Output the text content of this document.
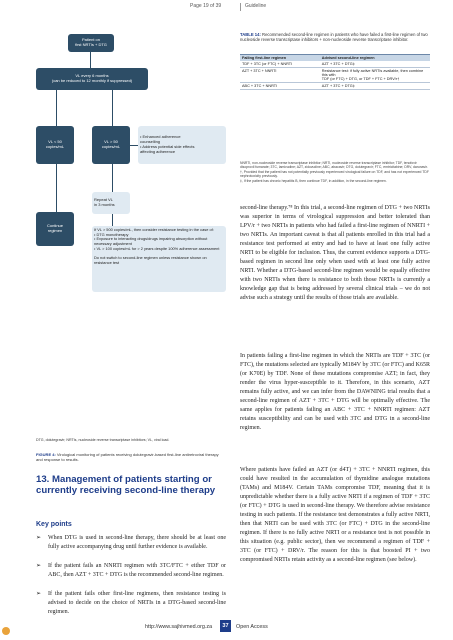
Page 19 of 39	Guideline
Patient on
first NRTIs + DTG
VL every 6 months
(can be reduced to 12 monthly if suppressed)
VL < 50
copies/mL
VL > 50
copies/mL
• Enhanced adherence
counselling
• Address potential side effects
affecting adherence
Repeat VL
in 3 months
Continue
regimen	If VL > 500 copies/mL, then consider resistance testing in the case of:
• DTG monotherapy
• Exposure to interacting drugs/drugs impairing absorption without necessary adjustment
• VL > 100 copies/mL for > 2 years despite 100% adherence assessment

Do not switch to second-line regimen unless resistance shown on resistance test
DTG, dolutegravir; NRTIs, nucleoside reverse transcriptase inhibitors; VL, viral load.
FIGURE 4: Virological monitoring of patients receiving dolutegravir-based first-line antiretroviral therapy and response to results.
13. Management of patients starting or currently receiving second-line therapy
Key points
➢	When DTG is used in second-line therapy, there should be at least one fully active accompanying drug until further evidence is available.
➢	If the patient fails an NNRTI regimen with 3TC/FTC + either TDF or ABC, then AZT + 3TC + DTG is the recommended second-line regimen.
➢	If the patient fails other first-line regimens, then resistance testing is advised to decide on the choice of NRTIs in a DTG-based second-line regimen.
TABLE 14: Recommended second-line regimen in patients who have failed a first-line regimen of two nucleoside reverse transcriptase inhibitors + non-nucleoside reverse transcriptase inhibitor.
Failing first-line regimen	Advised second-line regimen
TDF + 3TC (or FTC) + NNRTI	AZT + 3TC + DTG‡
AZT + 3TC + NNRTI	Resistance test: if fully active NRTIs available, then combine this with
TDF (or FTC) + DTG, or TDF + FTC + DRV/r†
ABC + 3TC + NNRTI	AZT + 3TC + DTG‡
NNRTI, non-nucleoside reverse transcriptase inhibitor; NRTI, nucleoside reverse transcriptase inhibitor; TDF, tenofovir disoproxil fumarate; 3TC, lamivudine; AZT, zidovudine; ABC, abacavir; DTG, dolutegravir; FTC, emtricitabine; DRV, darunavir.
†, Provided that the patient has not potentially previously experienced virological failure on TDF, and has not experienced TDF nephrotoxicity previously.
‡, If the patient has chronic hepatitis B, then continue TDF, in addition, in the second-line regimen.
second-line therapy.⁷⁸ In this trial, a second-line regimen of DTG + two NRTIs was superior in terms of virological suppression and better tolerated than LPV/r + two NRTIs in patients who had failed a first-line regimen of NNRTI + two NRTIs. An important caveat is that all patients enrolled in this trial had a resistance test performed at entry and had to have at least one fully active NRTI to be eligible for inclusion. Thus, the current evidence supports a DTG-based regimen in second line only when used with at least one fully active NRTI. Whether a DTG-based second-line regimen would be equally effective with two NRTIs when there is resistance to both those NRTIs is currently a knowledge gap that is being addressed by several clinical trials – we do not advise such a strategy until the results of those trials are available.
In patients failing a first-line regimen in which the NRTIs are TDF + 3TC (or FTC), the mutations selected are typically M184V by 3TC (or FTC) and K65R (or K70E) by TDF. None of these mutations compromise AZT; in fact, they render the virus hyper-susceptible to it. Therefore, in this scenario, AZT remains fully active, and we can infer from the DAWNING trial results that a second-line regimen of AZT + 3TC + DTG will be optimally effective. The same applies for patients failing an ABC + 3TC + NNRTI regimen: AZT retains susceptibility and can be used with 3TC and DTG in a second-line regimen.
Where patients have failed an AZT (or d4T) + 3TC + NNRTI regimen, this could have resulted in the accumulation of thymidine analogue mutations (TAMs) and M184V. Certain TAMs compromise TDF, meaning that it is unpredictable whether there is a fully active NRTI if a regimen of TDF + 3TC (or FTC) + DTG is used in second-line therapy. We therefore advise resistance testing in such patients. If the resistance test demonstrates a fully active NRTI, then that NRTI can be used with 3TC (or FTC) + DTG in the second-line regimen. If there is no fully active NRTI or a resistance test is not possible in this situation (e.g. public sector), then we recommend a regimen of TDF + 3TC (or FTC) + DRV/r. The reason for this is that boosted PI + two compromised NRTIs retain activity as a second-line regimen (see below).
http://www.sajhivmed.org.za	37	Open Access
